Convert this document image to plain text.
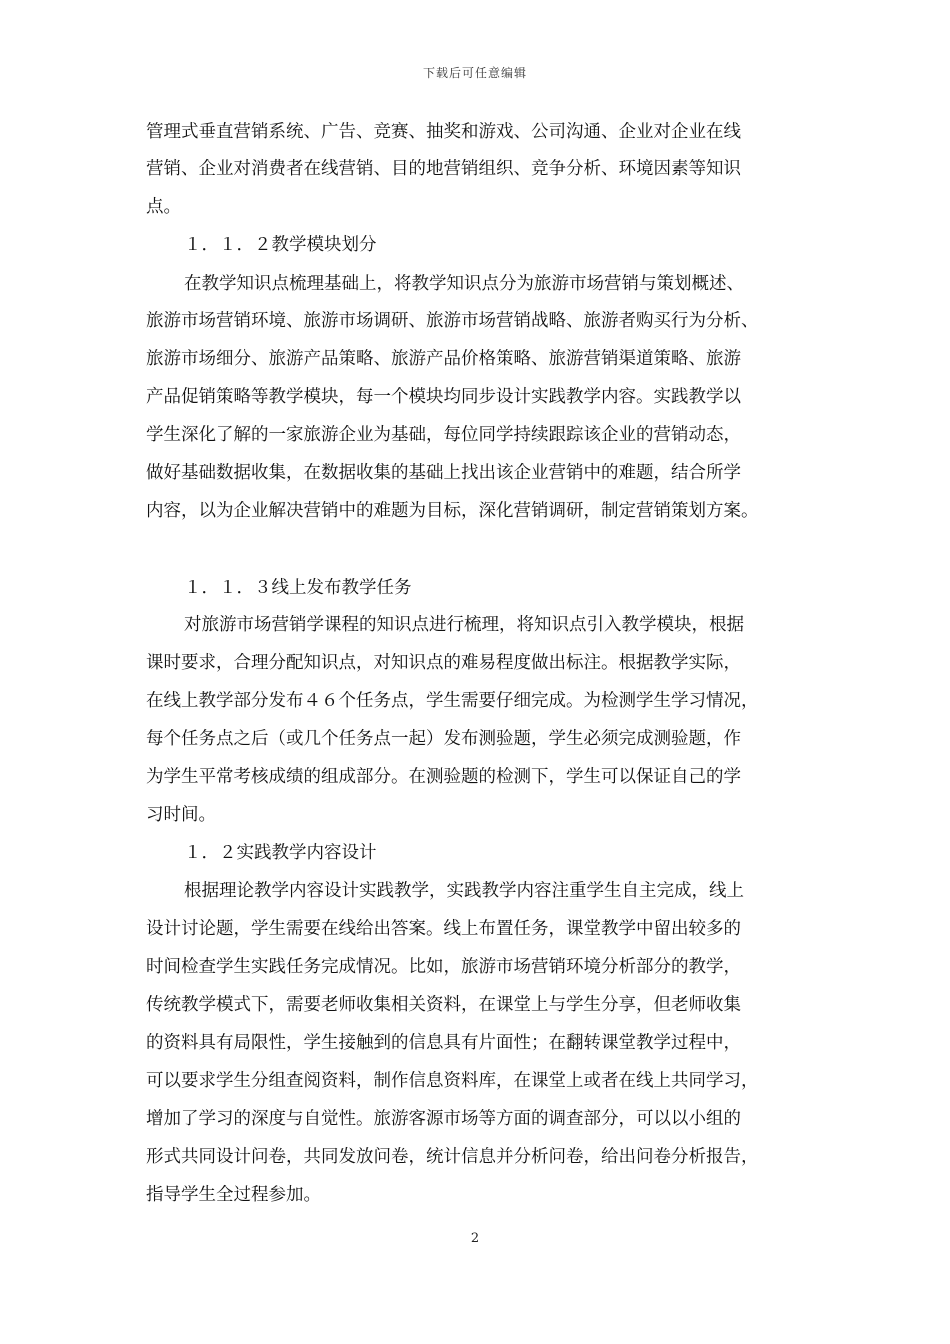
下载后可任意编辑
管理式垂直营销系统、广告、竞赛、抽奖和游戏、公司沟通、企业对企业在线
营销、企业对消费者在线营销、目的地营销组织、竞争分析、环境因素等知识
点。
１．１．２教学模块划分
在教学知识点梳理基础上，将教学知识点分为旅游市场营销与策划概述、
旅游市场营销环境、旅游市场调研、旅游市场营销战略、旅游者购买行为分析、
旅游市场细分、旅游产品策略、旅游产品价格策略、旅游营销渠道策略、旅游
产品促销策略等教学模块，每一个模块均同步设计实践教学内容。实践教学以
学生深化了解的一家旅游企业为基础，每位同学持续跟踪该企业的营销动态，
做好基础数据收集，在数据收集的基础上找出该企业营销中的难题，结合所学
内容，以为企业解决营销中的难题为目标，深化营销调研，制定营销策划方案。
１．１．３线上发布教学任务
对旅游市场营销学课程的知识点进行梳理，将知识点引入教学模块，根据
课时要求，合理分配知识点，对知识点的难易程度做出标注。根据教学实际，
在线上教学部分发布４６个任务点，学生需要仔细完成。为检测学生学习情况，
每个任务点之后（或几个任务点一起）发布测验题，学生必须完成测验题，作
为学生平常考核成绩的组成部分。在测验题的检测下，学生可以保证自己的学
习时间。
１．２实践教学内容设计
根据理论教学内容设计实践教学，实践教学内容注重学生自主完成，线上
设计讨论题，学生需要在线给出答案。线上布置任务，课堂教学中留出较多的
时间检查学生实践任务完成情况。比如，旅游市场营销环境分析部分的教学，
传统教学模式下，需要老师收集相关资料，在课堂上与学生分享，但老师收集
的资料具有局限性，学生接触到的信息具有片面性；在翻转课堂教学过程中，
可以要求学生分组查阅资料，制作信息资料库，在课堂上或者在线上共同学习，
增加了学习的深度与自觉性。旅游客源市场等方面的调查部分，可以以小组的
形式共同设计问卷，共同发放问卷，统计信息并分析问卷，给出问卷分析报告，
指导学生全过程参加。
2
